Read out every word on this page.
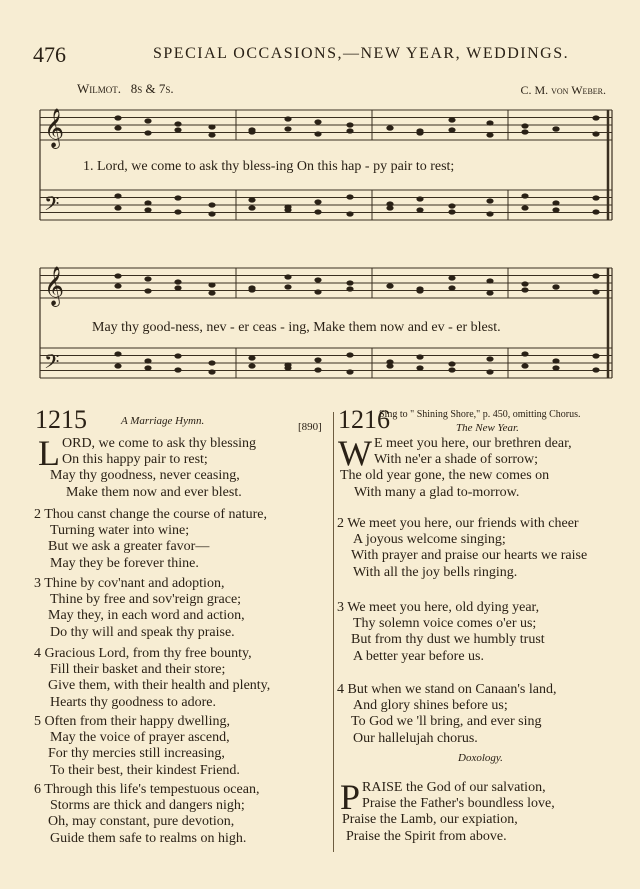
476	SPECIAL OCCASIONS,—NEW YEAR, WEDDINGS.
Wilmot. 8s & 7s.	C. M. von Weber.
𝄞
𝄢
𝄞
𝄢
1. Lord, we come to ask thy bless-ing On this hap - py pair to rest;
May thy good-ness, nev - er ceas - ing, Make them now and ev - er blest.
1215	A Marriage Hymn.	[890]
L ORD, we come to ask thy blessing
On this happy pair to rest;
May thy goodness, never ceasing,
Make them now and ever blest.
2 Thou canst change the course of nature,
Turning water into wine;
But we ask a greater favor—
May they be forever thine.
3 Thine by cov'nant and adoption,
Thine by free and sov'reign grace;
May they, in each word and action,
Do thy will and speak thy praise.
4 Gracious Lord, from thy free bounty,
Fill their basket and their store;
Give them, with their health and plenty,
Hearts thy goodness to adore.
5 Often from their happy dwelling,
May the voice of prayer ascend,
For thy mercies still increasing,
To their best, their kindest Friend.
6 Through this life's tempestuous ocean,
Storms are thick and dangers nigh;
Oh, may constant, pure devotion,
Guide them safe to realms on high.
1216
Sing to " Shining Shore," p. 450, omitting Chorus.
The New Year.
W E meet you here, our brethren dear,
With ne'er a shade of sorrow;
The old year gone, the new comes on
With many a glad to-morrow.
2 We meet you here, our friends with cheer
A joyous welcome singing;
With prayer and praise our hearts we raise
With all the joy bells ringing.
3 We meet you here, old dying year,
Thy solemn voice comes o'er us;
But from thy dust we humbly trust
A better year before us.
4 But when we stand on Canaan's land,
And glory shines before us;
To God we 'll bring, and ever sing
Our hallelujah chorus.
Doxology.
P RAISE the God of our salvation,
Praise the Father's boundless love,
Praise the Lamb, our expiation,
Praise the Spirit from above.
